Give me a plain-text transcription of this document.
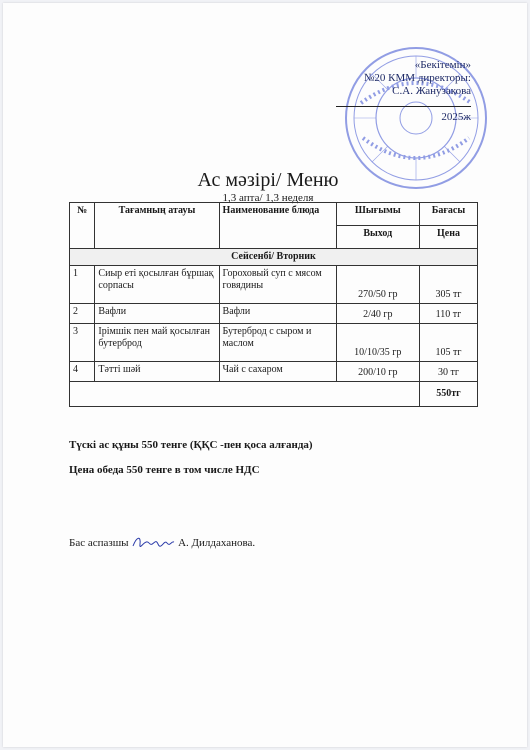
«Бекітемін»
№20 КММ директоры:
С.А. Жанузакова
2025ж
Ас мәзірі/ Меню
1,3 апта/ 1,3 неделя
№	Тағамның атауы	Наименование блюда	Шығымы	Бағасы
			Выход	Цена
Сейсенбі/ Вторник				
1	Сиыр еті қосылған бұршақ сорпасы	Гороховый суп с мясом говядины	270/50 гр	305 тг
2	Вафли	Вафли	2/40 гр	110 тг
3	Ірімшік пен май қосылған бутерброд	Бутерброд с сыром и маслом	10/10/35 гр	105 тг
4	Тәтті шәй	Чай с сахаром	200/10 гр	30 тг
				550тг
Түскі ас құны 550 тенге (ҚҚС -пен қоса алғанда)
Цена обеда 550 тенге в том числе НДС
Бас аспазшы	А. Дилдаханова.
